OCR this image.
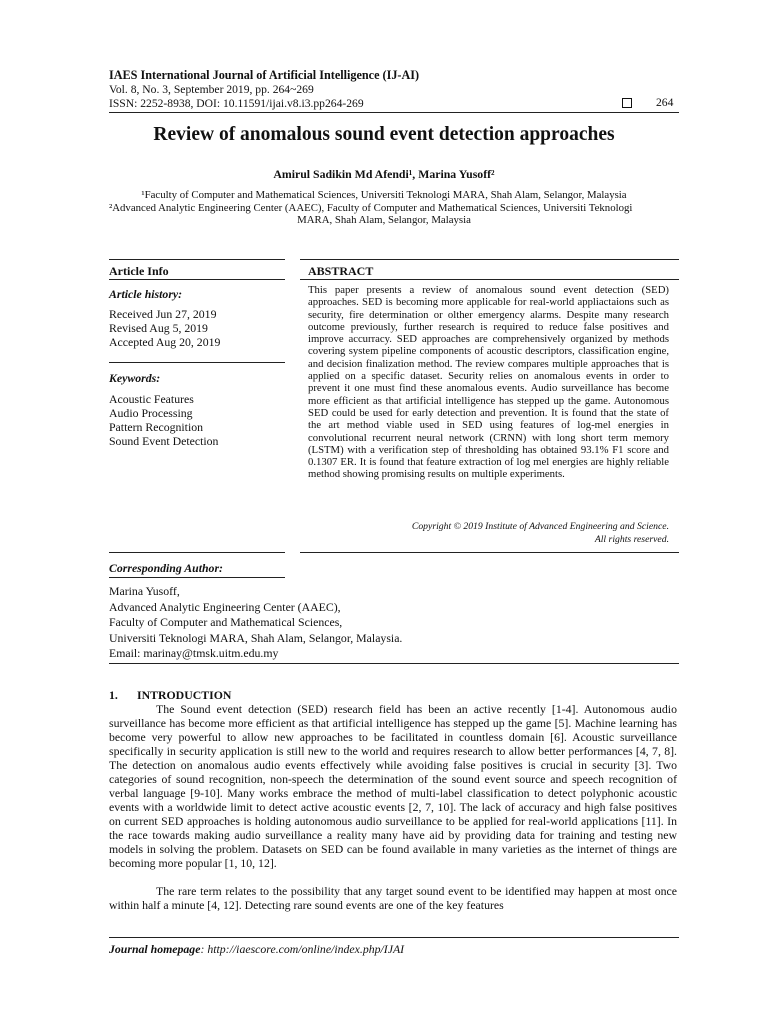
IAES International Journal of Artificial Intelligence (IJ-AI)
Vol. 8, No. 3, September 2019, pp. 264~269
ISSN: 2252-8938, DOI: 10.11591/ijai.v8.i3.pp264-269	264
Review of anomalous sound event detection approaches
Amirul Sadikin Md Afendi¹, Marina Yusoff²
¹Faculty of Computer and Mathematical Sciences, Universiti Teknologi MARA, Shah Alam, Selangor, Malaysia
²Advanced Analytic Engineering Center (AAEC), Faculty of Computer and Mathematical Sciences, Universiti Teknologi
MARA, Shah Alam, Selangor, Malaysia
Article Info	ABSTRACT
Article history:
Received Jun 27, 2019
Revised Aug 5, 2019
Accepted Aug 20, 2019
Keywords:
Acoustic Features
Audio Processing
Pattern Recognition
Sound Event Detection
This paper presents a review of anomalous sound event detection (SED) approaches. SED is becoming more applicable for real-world appliactaions such as security, fire determination or olther emergency alarms. Despite many research outcome previously, further research is required to reduce false positives and improve accurracy. SED approaches are comprehensively organized by methods covering system pipeline components of acoustic descriptors, classification engine, and decision finalization method. The review compares multiple approaches that is applied on a specific dataset. Security relies on anomalous events in order to prevent it one must find these anomalous events. Audio surveillance has become more efficient as that artificial intelligence has stepped up the game. Autonomous SED could be used for early detection and prevention. It is found that the state of the art method viable used in SED using features of log-mel energies in convolutional recurrent neural network (CRNN) with long short term memory (LSTM) with a verification step of thresholding has obtained 93.1% F1 score and 0.1307 ER. It is found that feature extraction of log mel energies are highly reliable method showing promising results on multiple experiments.
Copyright © 2019 Institute of Advanced Engineering and Science.
All rights reserved.
Corresponding Author:
Marina Yusoff,
Advanced Analytic Engineering Center (AAEC),
Faculty of Computer and Mathematical Sciences,
Universiti Teknologi MARA, Shah Alam, Selangor, Malaysia.
Email: marinay@tmsk.uitm.edu.my
1. INTRODUCTION

The Sound event detection (SED) research field has been an active recently [1-4]. Autonomous audio surveillance has become more efficient as that artificial intelligence has stepped up the game [5]. Machine learning has become very powerful to allow new approaches to be facilitated in countless domain [6]. Acoustic surveillance specifically in security application is still new to the world and requires research to allow better performances [4, 7, 8]. The detection on anomalous audio events effectively while avoiding false positives is crucial in security [3]. Two categories of sound recognition, non-speech the determination of the sound event source and speech recognition of verbal language [9-10]. Many works embrace the method of multi-label classification to detect polyphonic acoustic events with a worldwide limit to detect active acoustic events [2, 7, 10]. The lack of accuracy and high false positives on current SED approaches is holding autonomous audio surveillance to be applied for real-world applications [11]. In the race towards making audio surveillance a reality many have aid by providing data for training and testing new models in solving the problem. Datasets on SED can be found available in many varieties as the internet of things are becoming more popular [1, 10, 12].

The rare term relates to the possibility that any target sound event to be identified may happen at most once within half a minute [4, 12]. Detecting rare sound events are one of the key features

Journal homepage: http://iaescore.com/online/index.php/IJAI
